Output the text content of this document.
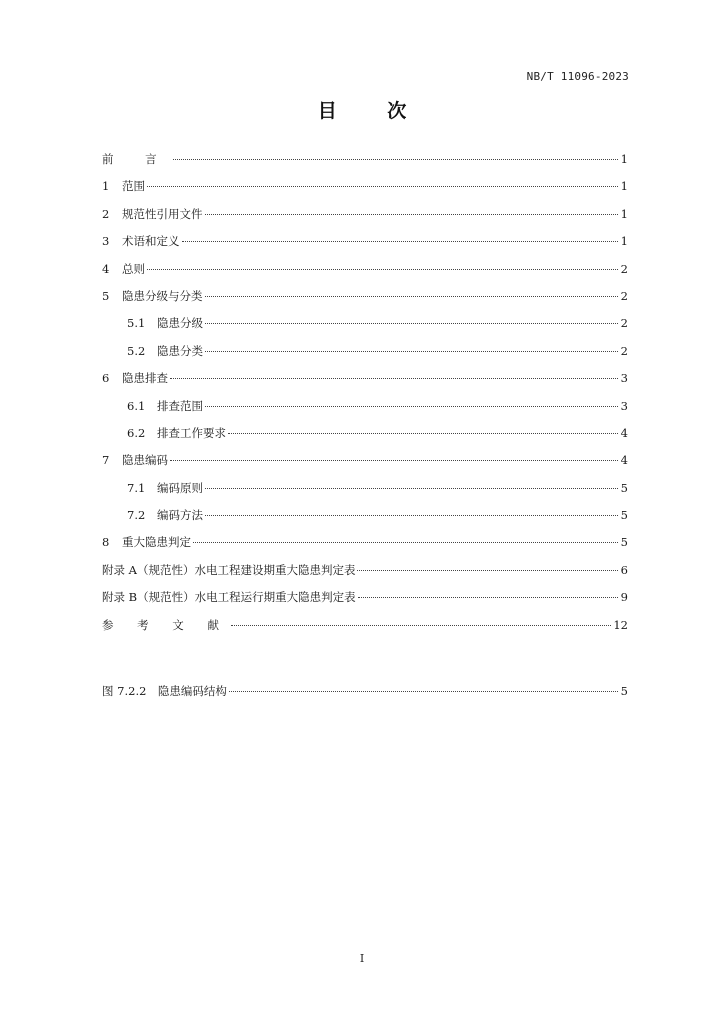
NB/T 11096-2023
目 次
前 言	1
1	范围	1
2	规范性引用文件	1
3	术语和定义	1
4	总则	2
5	隐患分级与分类	2
5.1 隐患分级	2
5.2 隐患分类	2
6	隐患排查	3
6.1 排查范围	3
6.2 排查工作要求	4
7	隐患编码	4
7.1 编码原则	5
7.2 编码方法	5
8	重大隐患判定	5
附录 A（规范性）水电工程建设期重大隐患判定表	6
附录 B（规范性）水电工程运行期重大隐患判定表	9
参 考 文 献	12
图 7.2.2　隐患编码结构	5
I
